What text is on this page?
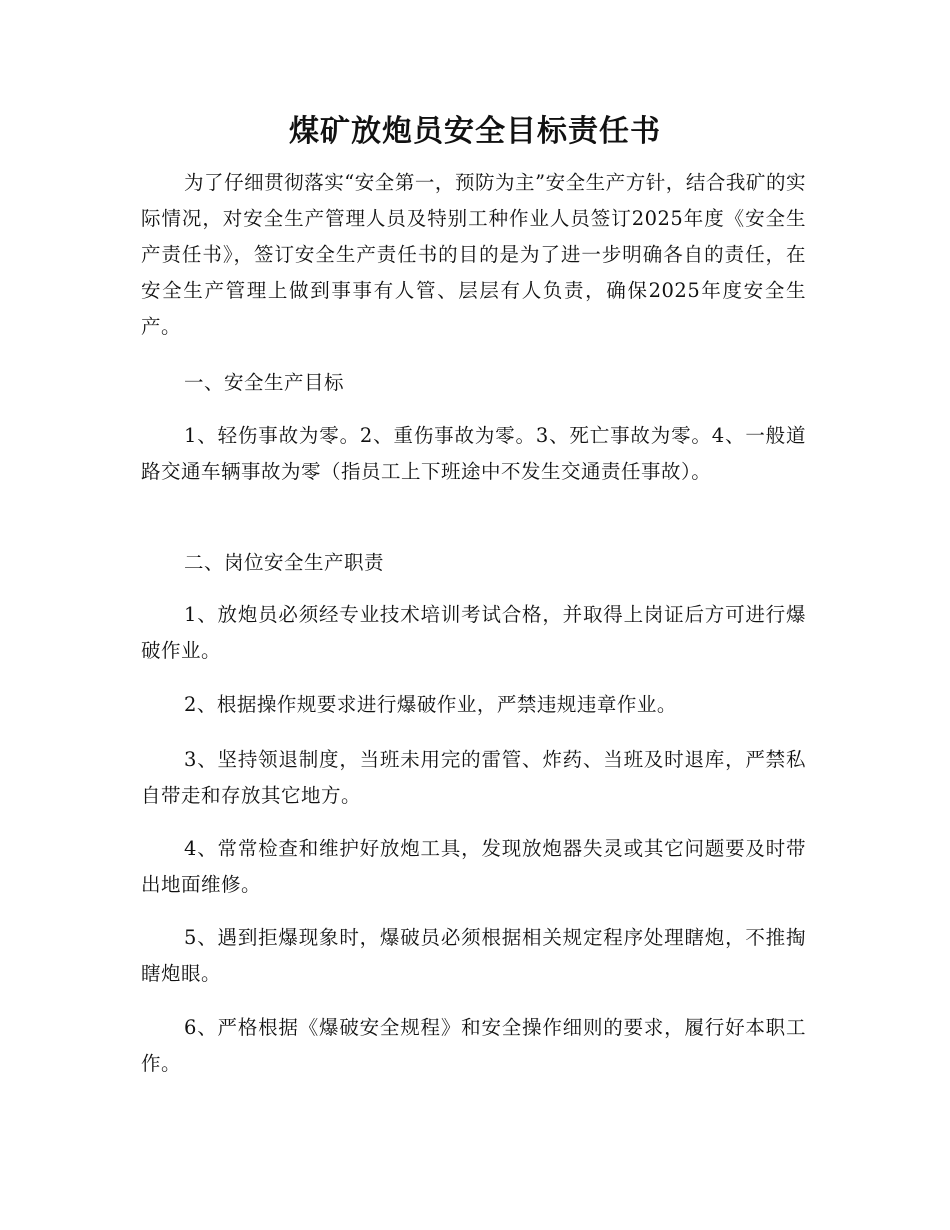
煤矿放炮员安全目标责任书

为了仔细贯彻落实“安全第一，预防为主”安全生产方针，结合我矿的实际情况，对安全生产管理人员及特别工种作业人员签订2025年度《安全生产责任书》，签订安全生产责任书的目的是为了进一步明确各自的责任，在安全生产管理上做到事事有人管、层层有人负责，确保2025年度安全生产。

一、安全生产目标

1、轻伤事故为零。2、重伤事故为零。3、死亡事故为零。4、一般道路交通车辆事故为零（指员工上下班途中不发生交通责任事故）。

二、岗位安全生产职责

1、放炮员必须经专业技术培训考试合格，并取得上岗证后方可进行爆破作业。

2、根据操作规要求进行爆破作业，严禁违规违章作业。

3、坚持领退制度，当班未用完的雷管、炸药、当班及时退库，严禁私自带走和存放其它地方。

4、常常检查和维护好放炮工具，发现放炮器失灵或其它问题要及时带出地面维修。

5、遇到拒爆现象时，爆破员必须根据相关规定程序处理瞎炮，不推掏瞎炮眼。

6、严格根据《爆破安全规程》和安全操作细则的要求，履行好本职工作。
